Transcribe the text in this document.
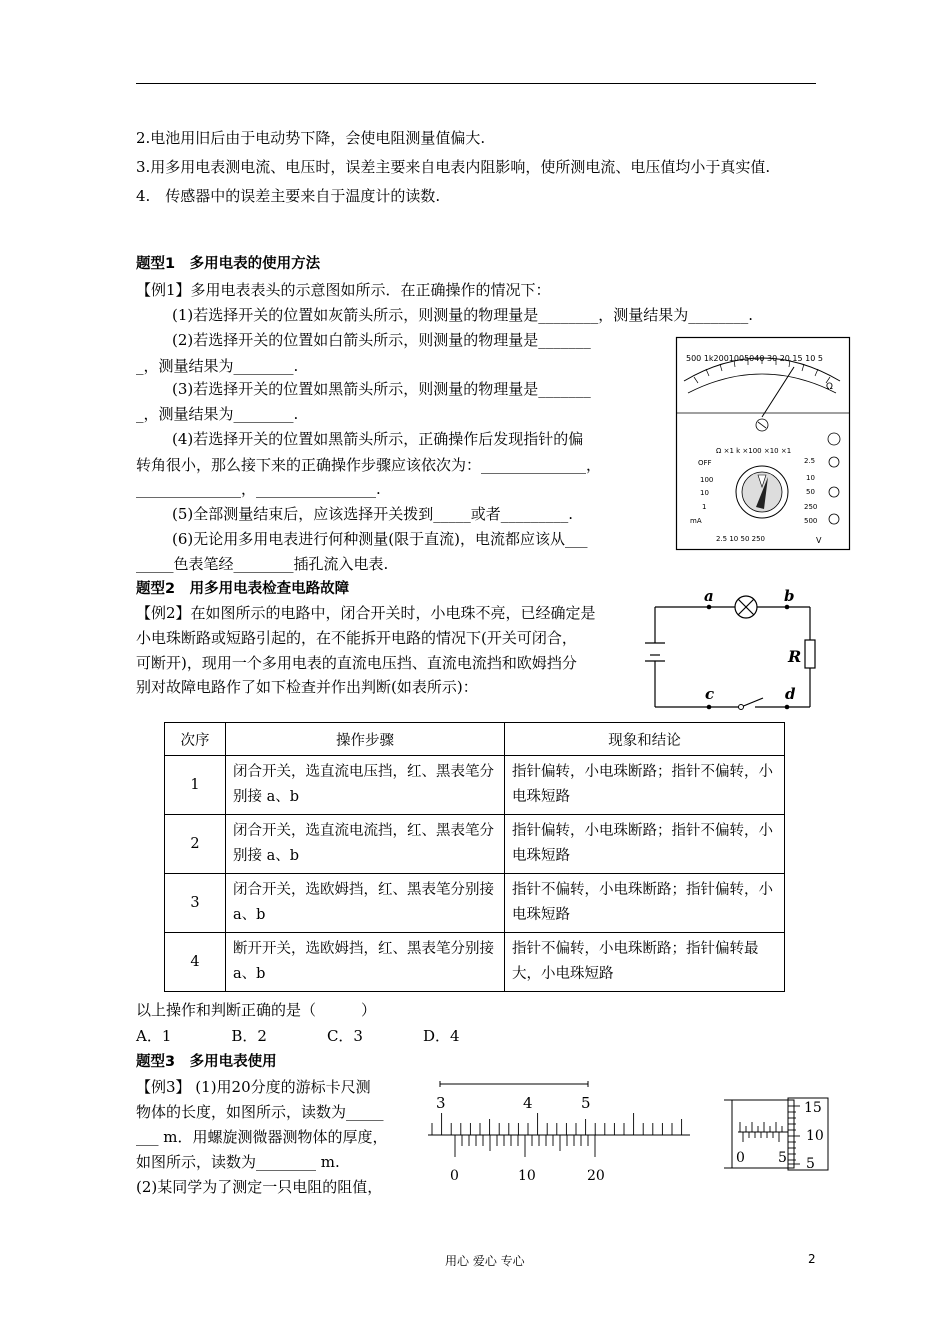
2.电池用旧后由于电动势下降，会使电阻测量值偏大.
3.用多用电表测电流、电压时，误差主要来自电表内阻影响，使所测电流、电压值均小于真实值.
4.　传感器中的误差主要来自于温度计的读数.
题型1　多用电表的使用方法
【例1】多用电表表头的示意图如所示．在正确操作的情况下：
(1)若选择开关的位置如灰箭头所示，则测量的物理量是________，测量结果为________.
(2)若选择开关的位置如白箭头所示，则测量的物理量是_______
_，测量结果为________.
(3)若选择开关的位置如黑箭头所示，则测量的物理量是_______
_，测量结果为________.
(4)若选择开关的位置如黑箭头所示，正确操作后发现指针的偏
转角很小，那么接下来的正确操作步骤应该依次为：______________，
______________，________________.
(5)全部测量结束后，应该选择开关拨到_____或者_________.
(6)无论用多用电表进行何种测量(限于直流)，电流都应该从___
_____色表笔经________插孔流入电表.
500 1k2001005040 30 20 15 10 5
Ω
Ω ×1 k ×100 ×10 ×1
OFF
100
10
1
mA
2.5
10
50
250
500
2.5 10 50 250	V
题型2　用多用电表检查电路故障
【例2】在如图所示的电路中，闭合开关时，小电珠不亮，已经确定是
小电珠断路或短路引起的，在不能拆开电路的情况下(开关可闭合，
可断开)，现用一个多用电表的直流电压挡、直流电流挡和欧姆挡分
别对故障电路作了如下检查并作出判断(如表所示)：
a	b
c	d
R
次序	操作步骤	现象和结论
1	闭合开关，选直流电压挡，红、黑表笔分别接 a、b	指针偏转，小电珠断路；指针不偏转，小电珠短路
2	闭合开关，选直流电流挡，红、黑表笔分别接 a、b	指针偏转，小电珠断路；指针不偏转，小电珠短路
3	闭合开关，选欧姆挡，红、黑表笔分别接 a、b	指针不偏转，小电珠断路；指针偏转，小电珠短路
4	断开开关，选欧姆挡，红、黑表笔分别接 a、b	指针不偏转，小电珠断路；指针偏转最大，小电珠短路
以上操作和判断正确的是（　　　）
A．1　　　　B．2　　　　C．3　　　　D．4
题型3　多用电表使用
【例3】 (1)用20分度的游标卡尺测
物体的长度，如图所示，读数为_____
___ m．用螺旋测微器测物体的厚度，
如图所示，读数为________ m.
(2)某同学为了测定一只电阻的阻值，
3	4	5
0	10	20
0 5
15
10
5
用心 爱心 专心	2
